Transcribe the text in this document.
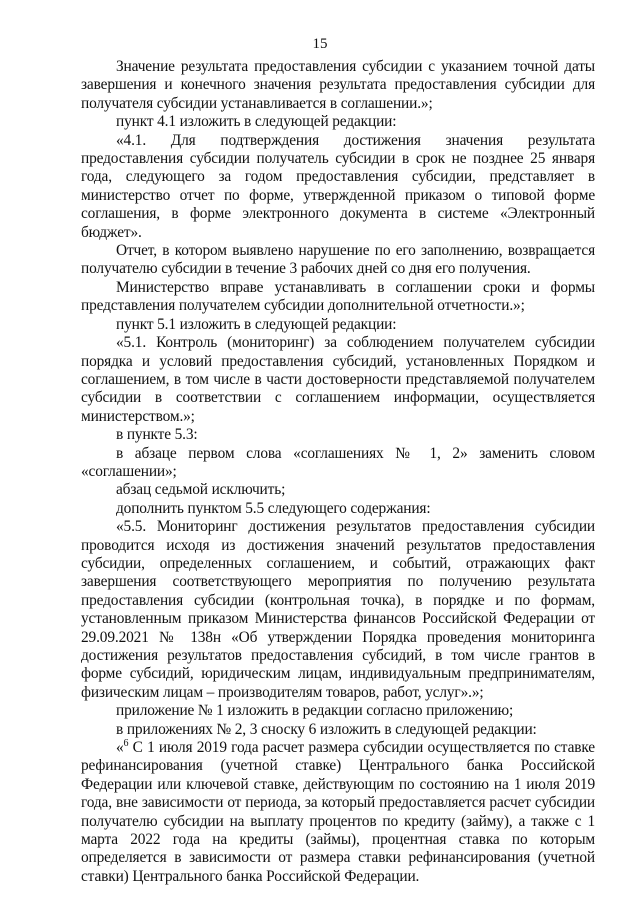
15

Значение результата предоставления субсидии с указанием точной даты завершения и конечного значения результата предоставления субсидии для получателя субсидии устанавливается в соглашении.»;

пункт 4.1 изложить в следующей редакции:

«4.1. Для подтверждения достижения значения результата предоставления субсидии получатель субсидии в срок не позднее 25 января года, следующего за годом предоставления субсидии, представляет в министерство отчет по форме, утвержденной приказом о типовой форме соглашения, в форме электронного документа в системе «Электронный бюджет».

Отчет, в котором выявлено нарушение по его заполнению, возвращается получателю субсидии в течение 3 рабочих дней со дня его получения.

Министерство вправе устанавливать в соглашении сроки и формы представления получателем субсидии дополнительной отчетности.»;

пункт 5.1 изложить в следующей редакции:

«5.1. Контроль (мониторинг) за соблюдением получателем субсидии порядка и условий предоставления субсидий, установленных Порядком и соглашением, в том числе в части достоверности представляемой получателем субсидии в соответствии с соглашением информации, осуществляется министерством.»;

в пункте 5.3:

в абзаце первом слова «соглашениях № 1, 2» заменить словом «соглашении»;

абзац седьмой исключить;

дополнить пунктом 5.5 следующего содержания:

«5.5. Мониторинг достижения результатов предоставления субсидии проводится исходя из достижения значений результатов предоставления субсидии, определенных соглашением, и событий, отражающих факт завершения соответствующего мероприятия по получению результата предоставления субсидии (контрольная точка), в порядке и по формам, установленным приказом Министерства финансов Российской Федерации от 29.09.2021 № 138н «Об утверждении Порядка проведения мониторинга достижения результатов предоставления субсидий, в том числе грантов в форме субсидий, юридическим лицам, индивидуальным предпринимателям, физическим лицам – производителям товаров, работ, услуг».»;

приложение № 1 изложить в редакции согласно приложению;

в приложениях № 2, 3 сноску 6 изложить в следующей редакции:

«$^6$ С 1 июля 2019 года расчет размера субсидии осуществляется по ставке рефинансирования (учетной ставке) Центрального банка Российской Федерации или ключевой ставке, действующим по состоянию на 1 июля 2019 года, вне зависимости от периода, за который предоставляется расчет субсидии получателю субсидии на выплату процентов по кредиту (займу), а также с 1 марта 2022 года на кредиты (займы), процентная ставка по которым определяется в зависимости от размера ставки рефинансирования (учетной ставки) Центрального банка Российской Федерации.
